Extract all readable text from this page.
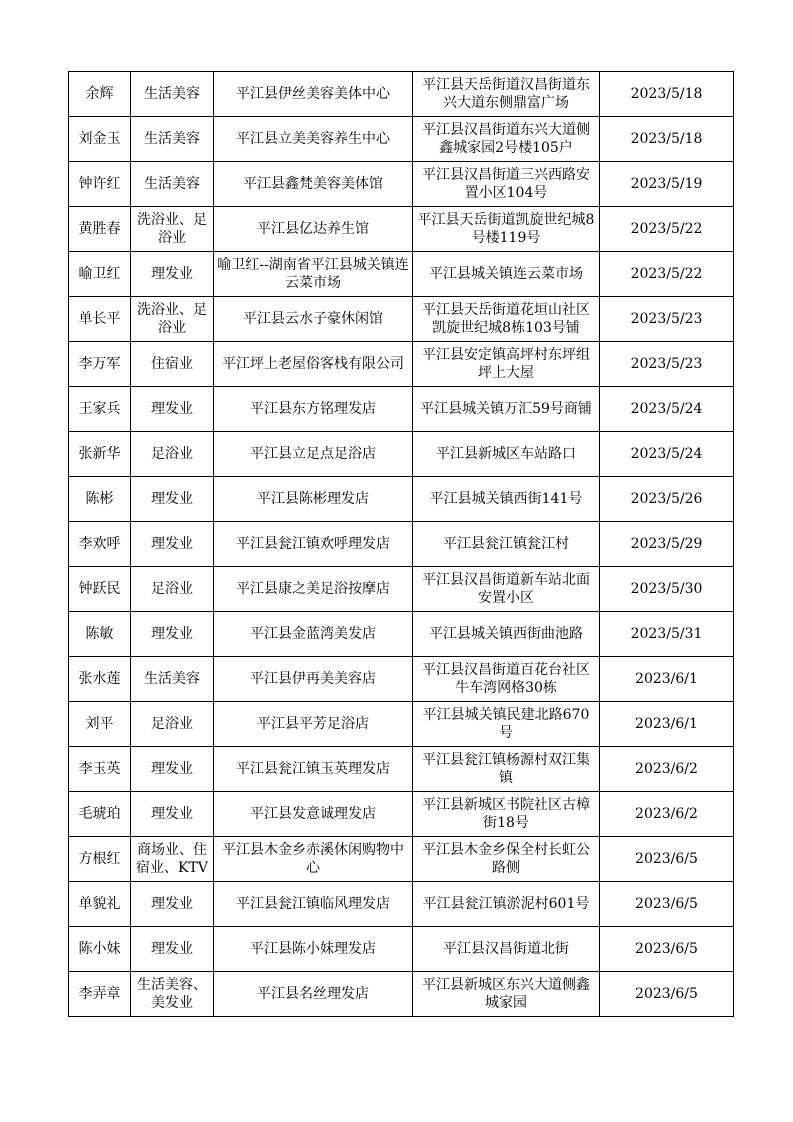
余辉	生活美容	平江县伊丝美容美体中心	平江县天岳街道汉昌街道东兴大道东侧鼎富广场	2023/5/18
刘金玉	生活美容	平江县立美美容养生中心	平江县汉昌街道东兴大道侧鑫城家园2号楼105户	2023/5/18
钟许红	生活美容	平江县鑫梵美容美体馆	平江县汉昌街道三兴西路安置小区104号	2023/5/19
黄胜春	洗浴业、足浴业	平江县亿达养生馆	平江县天岳街道凯旋世纪城8号楼119号	2023/5/22
喻卫红	理发业	喻卫红--湖南省平江县城关镇连云菜市场	平江县城关镇连云菜市场	2023/5/22
单长平	洗浴业、足浴业	平江县云水子豪休闲馆	平江县天岳街道花垣山社区凯旋世纪城8栋103号铺	2023/5/23
李万军	住宿业	平江坪上老屋俗客栈有限公司	平江县安定镇高坪村东坪组坪上大屋	2023/5/23
王家兵	理发业	平江县东方铭理发店	平江县城关镇万汇59号商铺	2023/5/24
张新华	足浴业	平江县立足点足浴店	平江县新城区车站路口	2023/5/24
陈彬	理发业	平江县陈彬理发店	平江县城关镇西街141号	2023/5/26
李欢呼	理发业	平江县瓮江镇欢呼理发店	平江县瓮江镇瓮江村	2023/5/29
钟跃民	足浴业	平江县康之美足浴按摩店	平江县汉昌街道新车站北面安置小区	2023/5/30
陈敏	理发业	平江县金蓝湾美发店	平江县城关镇西街曲池路	2023/5/31
张水莲	生活美容	平江县伊再美美容店	平江县汉昌街道百花台社区牛车湾网格30栋	2023/6/1
刘平	足浴业	平江县平芳足浴店	平江县城关镇民建北路670号	2023/6/1
李玉英	理发业	平江县瓮江镇玉英理发店	平江县瓮江镇杨源村双江集镇	2023/6/2
毛琥珀	理发业	平江县发意诚理发店	平江县新城区书院社区古樟街18号	2023/6/2
方根红	商场业、住宿业、KTV	平江县木金乡赤溪休闲购物中心	平江县木金乡保全村长虹公路侧	2023/6/5
单貌礼	理发业	平江县瓮江镇临风理发店	平江县瓮江镇淤泥村601号	2023/6/5
陈小妹	理发业	平江县陈小妹理发店	平江县汉昌街道北街	2023/6/5
李弄章	生活美容、美发业	平江县名丝理发店	平江县新城区东兴大道侧鑫城家园	2023/6/5
